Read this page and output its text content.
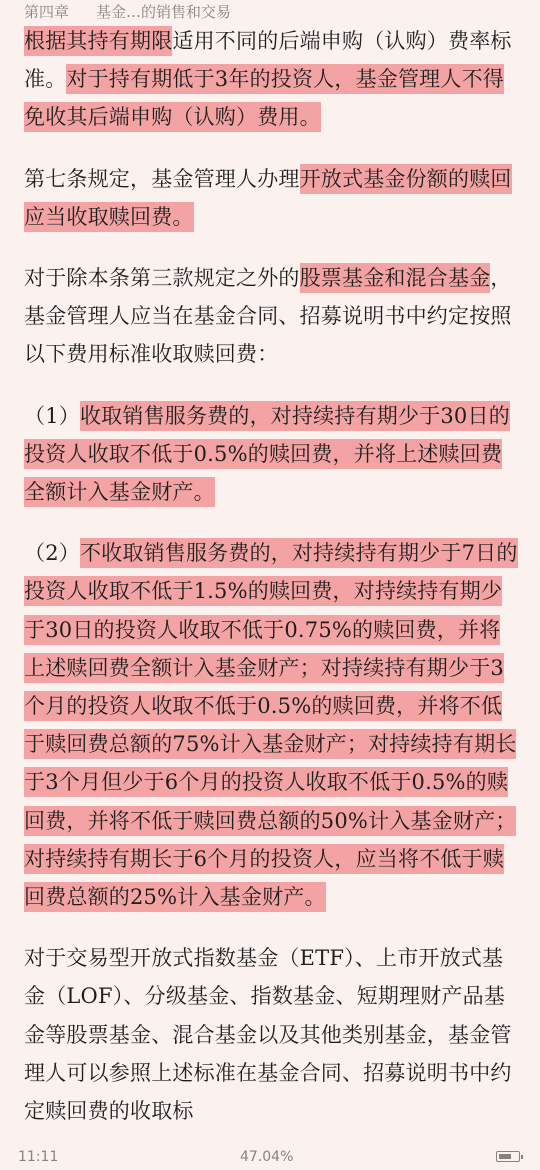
第四章 基金…的销售和交易

根据其持有期限适用不同的后端申购（认购）费率标准。对于持有期低于3年的投资人，基金管理人不得免收其后端申购（认购）费用。

第七条规定，基金管理人办理开放式基金份额的赎回应当收取赎回费。

对于除本条第三款规定之外的股票基金和混合基金，基金管理人应当在基金合同、招募说明书中约定按照以下费用标准收取赎回费：

（1）收取销售服务费的，对持续持有期少于30日的投资人收取不低于0.5%的赎回费，并将上述赎回费全额计入基金财产。

（2）不收取销售服务费的，对持续持有期少于7日的投资人收取不低于1.5%的赎回费，对持续持有期少于30日的投资人收取不低于0.75%的赎回费，并将上述赎回费全额计入基金财产；对持续持有期少于3个月的投资人收取不低于0.5%的赎回费，并将不低于赎回费总额的75%计入基金财产；对持续持有期长于3个月但少于6个月的投资人收取不低于0.5%的赎回费，并将不低于赎回费总额的50%计入基金财产；对持续持有期长于6个月的投资人，应当将不低于赎回费总额的25%计入基金财产。

对于交易型开放式指数基金（ETF）、上市开放式基金（LOF）、分级基金、指数基金、短期理财产品基金等股票基金、混合基金以及其他类别基金，基金管理人可以参照上述标准在基金合同、招募说明书中约定赎回费的收取标

11:11	47.04%
